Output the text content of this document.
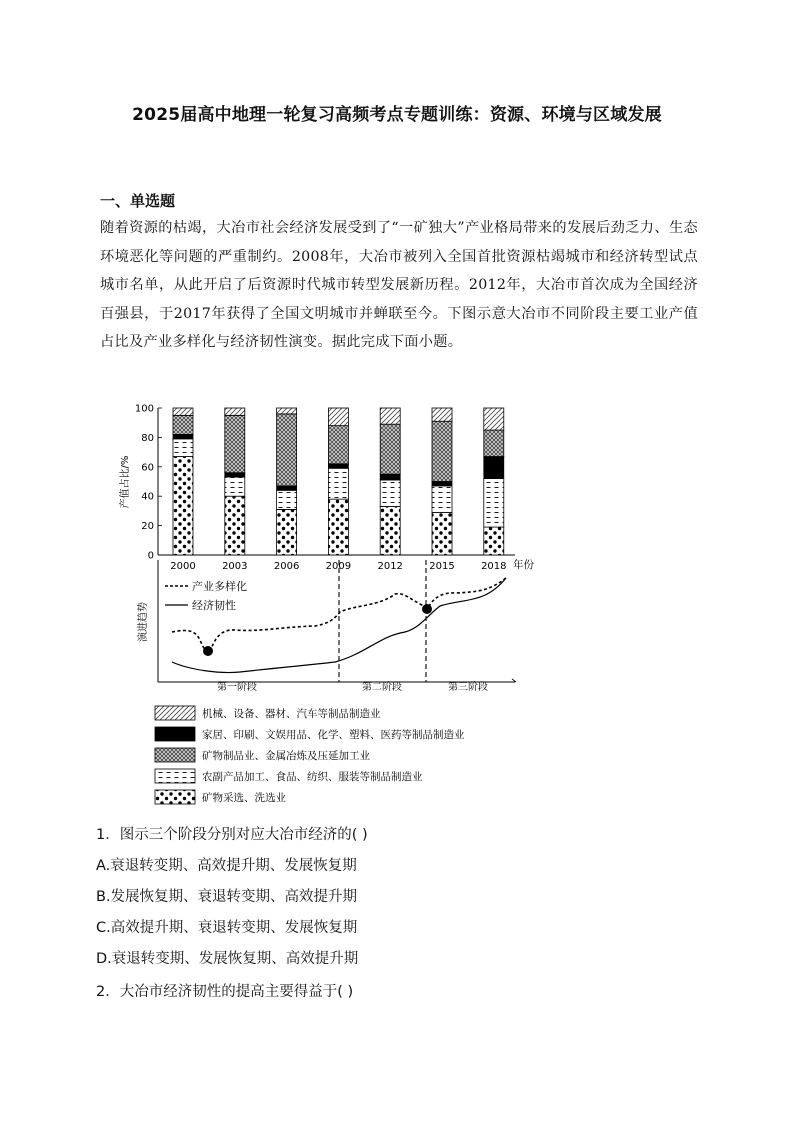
2025届高中地理一轮复习高频考点专题训练：资源、环境与区域发展
一、单选题
随着资源的枯竭，大冶市社会经济发展受到了“一矿独大”产业格局带来的发展后劲乏力、生态环境恶化等问题的严重制约。2008年，大冶市被列入全国首批资源枯竭城市和经济转型试点城市名单，从此开启了后资源时代城市转型发展新历程。2012年，大冶市首次成为全国经济百强县，于2017年获得了全国文明城市并蝉联至今。下图示意大冶市不同阶段主要工业产值占比及产业多样化与经济韧性演变。据此完成下面小题。
0
20
40
60
80
100
产值占比/%
2000	2003	2006	2009	2012	2015	2018 年份
演进趋势
产业多样化
经济韧性
第一阶段	第二阶段	第三阶段
机械、设备、器材、汽车等制品制造业
家居、印刷、文娱用品、化学、塑料、医药等制品制造业
矿物制品业、金属冶炼及压延加工业
农副产品加工、食品、纺织、服装等制品制造业
矿物采选、洗选业
1．图示三个阶段分别对应大冶市经济的( )
A.衰退转变期、高效提升期、发展恢复期
B.发展恢复期、衰退转变期、高效提升期
C.高效提升期、衰退转变期、发展恢复期
D.衰退转变期、发展恢复期、高效提升期
2．大冶市经济韧性的提高主要得益于( )
